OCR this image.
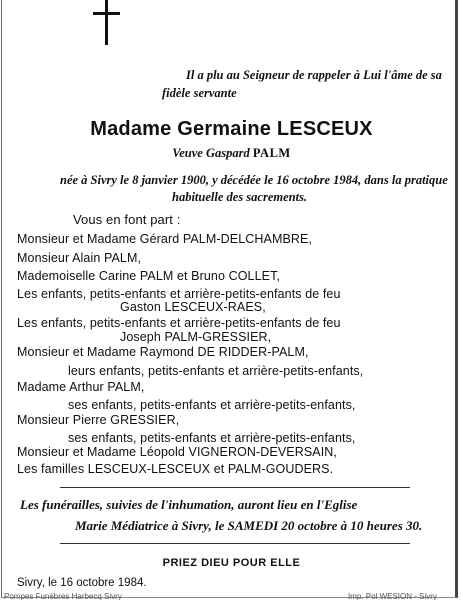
Il a plu au Seigneur de rappeler à Lui l'âme de sa
fidèle servante
Madame Germaine LESCEUX
Veuve Gaspard PALM
née à Sivry le 8 janvier 1900, y décédée le 16 octobre 1984, dans la pratique
habituelle des sacrements.
Vous en font part :
Monsieur et Madame Gérard PALM-DELCHAMBRE,
Monsieur Alain PALM,
Mademoiselle Carine PALM et Bruno COLLET,
Les enfants, petits-enfants et arrière-petits-enfants de feu
Gaston LESCEUX-RAES,
Les enfants, petits-enfants et arrière-petits-enfants de feu
Joseph PALM-GRESSIER,
Monsieur et Madame Raymond DE RIDDER-PALM,
leurs enfants, petits-enfants et arrière-petits-enfants,
Madame Arthur PALM,
ses enfants, petits-enfants et arrière-petits-enfants,
Monsieur Pierre GRESSIER,
ses enfants, petits-enfants et arrière-petits-enfants,
Monsieur et Madame Léopold VIGNERON-DEVERSAIN,
Les familles LESCEUX-LESCEUX et PALM-GOUDERS.
Les funérailles, suivies de l'inhumation, auront lieu en l'Eglise
Marie Médiatrice à Sivry, le SAMEDI 20 octobre à 10 heures 30.
PRIEZ DIEU POUR ELLE
Sivry, le 16 octobre 1984.
Pompes Funèbres Harbecq Sivry	Imp. Pol WESION - Sivry
